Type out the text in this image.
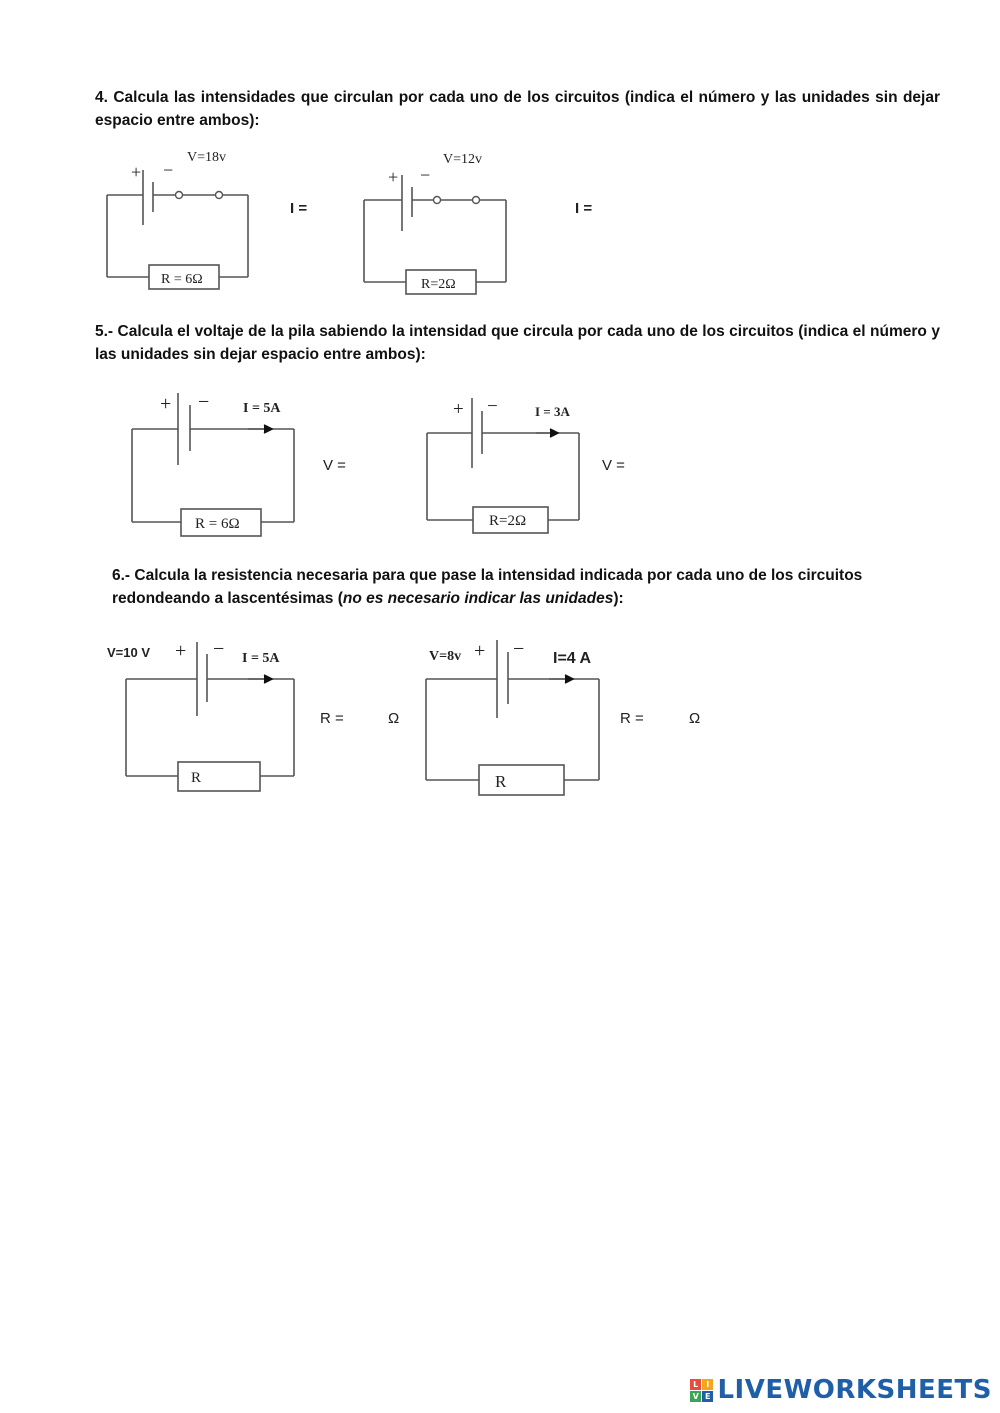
4. Calcula las intensidades que circulan por cada uno de los circuitos (indica el número y las unidades sin dejar espacio entre ambos):
V=18v
+ −
R = 6Ω
I =
V=12v
+ −
R=2Ω
I =
5.- Calcula el voltaje de la pila sabiendo la intensidad que circula por cada uno de los circuitos (indica el número y las unidades sin dejar espacio entre ambos):
+ − I = 5A
R = 6Ω
V =
+ −	I = 3A
R=2Ω
V =
6.- Calcula la resistencia necesaria para que pase la intensidad indicada por cada uno de los circuitos redondeando a lascentésimas (no es necesario indicar las unidades):
V=10 V + − I = 5A
R
R =	Ω
V=8v + − I=4 A
R
R =	Ω
L I
V E LIVEWORKSHEETS
